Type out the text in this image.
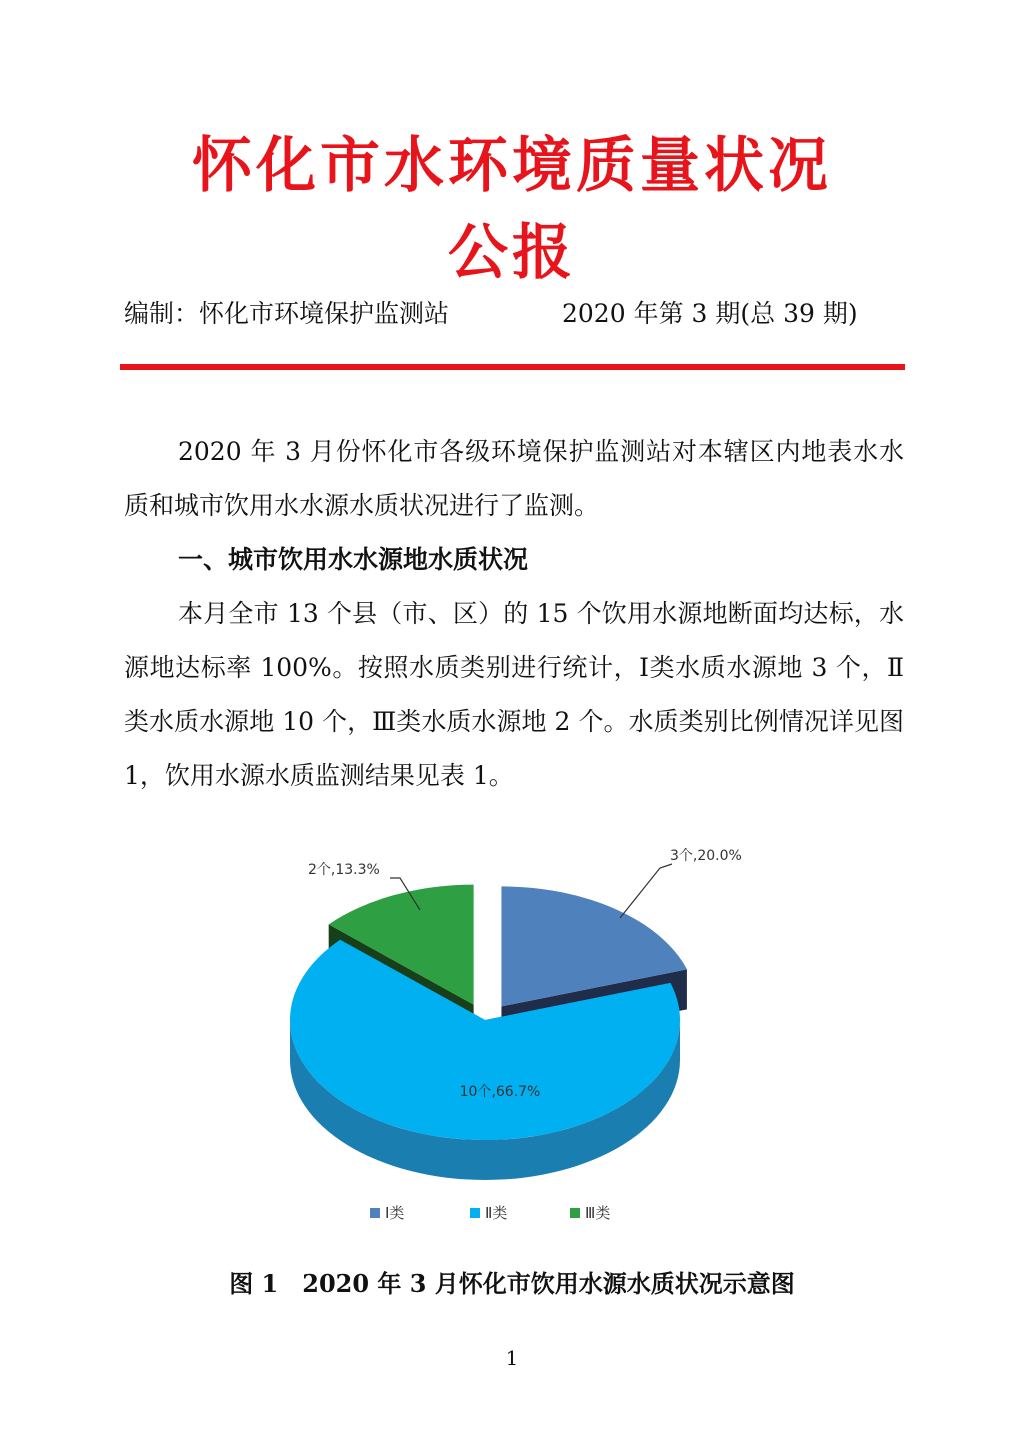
怀化市水环境质量状况
公报
编制：怀化市环境保护监测站	2020 年第 3 期(总 39 期)

2020 年 3 月份怀化市各级环境保护监测站对本辖区内地表水水质和城市饮用水水源水质状况进行了监测。

一、城市饮用水水源地水质状况

本月全市 13 个县（市、区）的 15 个饮用水源地断面均达标，水源地达标率 100%。按照水质类别进行统计，Ⅰ类水质水源地 3 个，Ⅱ类水质水源地 10 个，Ⅲ类水质水源地 2 个。水质类别比例情况详见图 1，饮用水源水质监测结果见表 1。

3个,20.0%
10个,66.7%
2个,13.3%
Ⅰ类	Ⅱ类	Ⅲ类
图 1　2020 年 3 月怀化市饮用水源水质状况示意图
1
